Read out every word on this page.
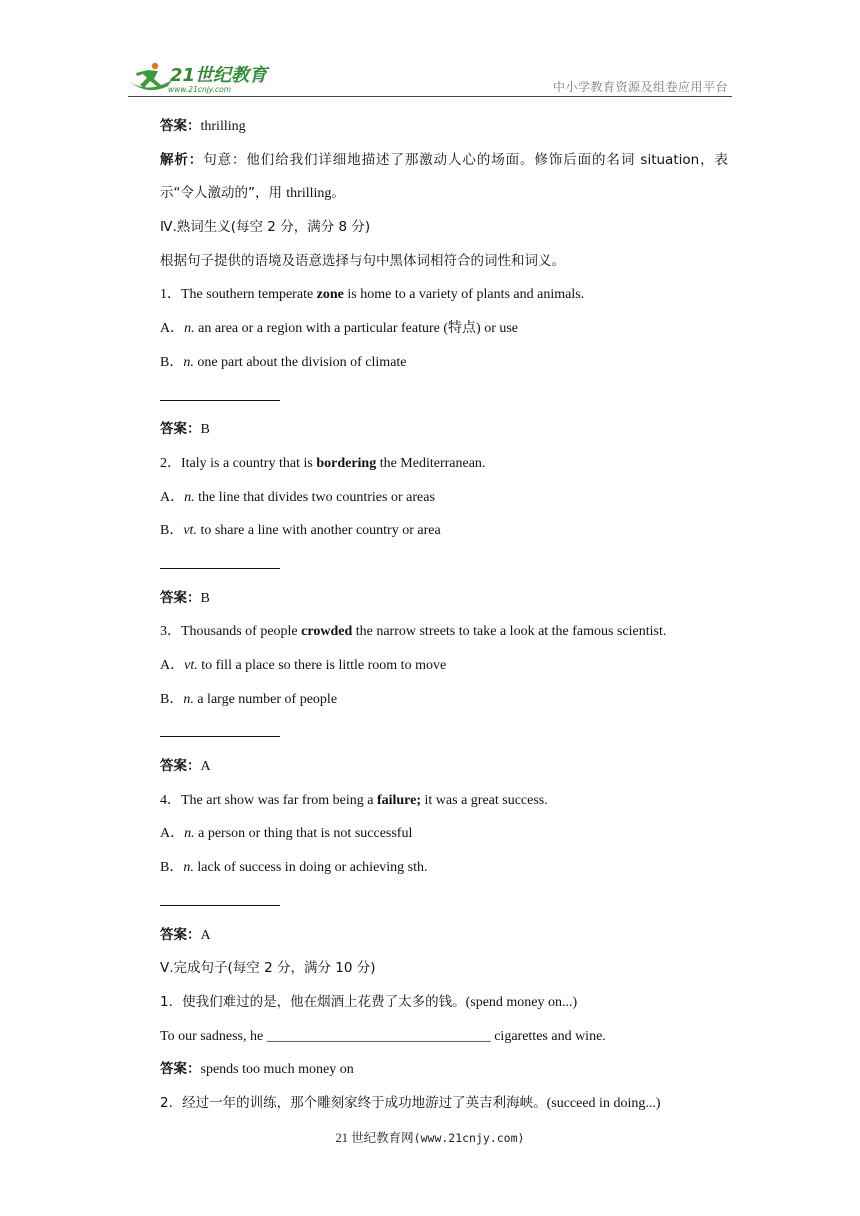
21世纪教育
www.21cnjy.com	中小学教育资源及组卷应用平台
答案：thrilling
解析：句意：他们给我们详细地描述了那激动人心的场面。修饰后面的名词 situation，表示“令人激动的”，用 thrilling。
Ⅳ.熟词生义(每空 2 分，满分 8 分)
根据句子提供的语境及语意选择与句中黑体词相符合的词性和词义。
1．The southern temperate zone is home to a variety of plants and animals.
A．n. an area or a region with a particular feature (特点) or use
B．n. one part about the division of climate
答案：B
2．Italy is a country that is bordering the Mediterranean.
A．n. the line that divides two countries or areas
B．vt. to share a line with another country or area
答案：B
3．Thousands of people crowded the narrow streets to take a look at the famous scientist.
A．vt. to fill a place so there is little room to move
B．n. a large number of people
答案：A
4．The art show was far from being a failure; it was a great success.
A．n. a person or thing that is not successful
B．n. lack of success in doing or achieving sth.
答案：A
Ⅴ.完成句子(每空 2 分，满分 10 分)
1．使我们难过的是，他在烟酒上花费了太多的钱。(spend money on...)
To our sadness, he ________________________________ cigarettes and wine.
答案：spends too much money on
2．经过一年的训练，那个雕刻家终于成功地游过了英吉利海峡。(succeed in doing...)
21 世纪教育网(www.21cnjy.com)
